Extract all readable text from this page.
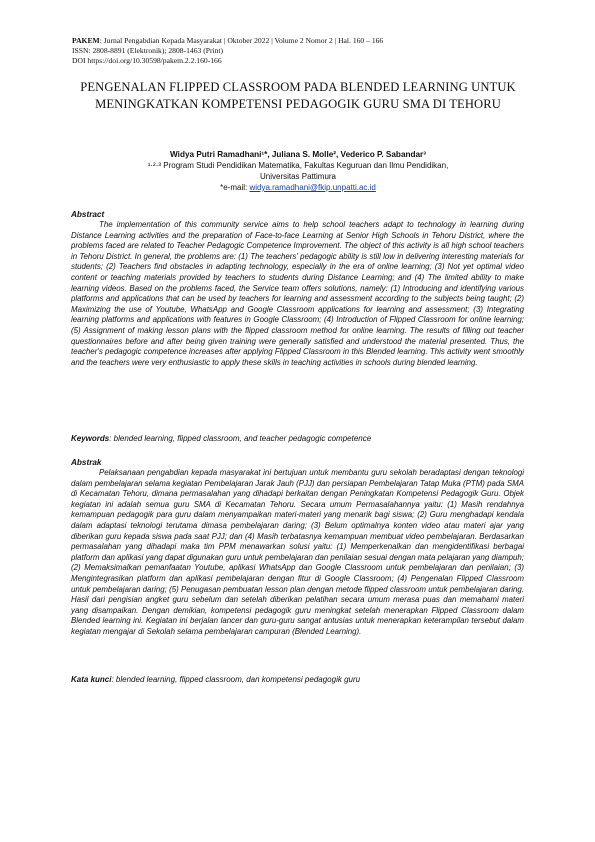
PAKEM: Jurnal Pengabdian Kepada Masyarakat | Oktober 2022 | Volume 2 Nomor 2 | Hal. 160 – 166
ISSN: 2808-8891 (Elektronik); 2808-1463 (Print)
DOI https://doi.org/10.30598/pakem.2.2.160-166
PENGENALAN FLIPPED CLASSROOM PADA BLENDED LEARNING UNTUK MENINGKATKAN KOMPETENSI PEDAGOGIK GURU SMA DI TEHORU
Widya Putri Ramadhani¹*, Juliana S. Molle², Vederico P. Sabandar³
¹·²·³ Program Studi Pendidikan Matematika, Fakultas Keguruan dan Ilmu Pendidikan,
Universitas Pattimura
*e-mail: widya.ramadhani@fkip.unpatti.ac.id
Abstract

The implementation of this community service aims to help school teachers adapt to technology in learning during Distance Learning activities and the preparation of Face-to-face Learning at Senior High Schools in Tehoru District, where the problems faced are related to Teacher Pedagogic Competence Improvement. The object of this activity is all high school teachers in Tehoru District. In general, the problems are: (1) The teachers' pedagogic ability is still low in delivering interesting materials for students; (2) Teachers find obstacles in adapting technology, especially in the era of online learning; (3) Not yet optimal video content or teaching materials provided by teachers to students during Distance Learning; and (4) The limited ability to make learning videos. Based on the problems faced, the Service team offers solutions, namely: (1) Introducing and identifying various platforms and applications that can be used by teachers for learning and assessment according to the subjects being taught; (2) Maximizing the use of Youtube, WhatsApp and Google Classroom applications for learning and assessment; (3) Integrating learning platforms and applications with features in Google Classroom; (4) Introduction of Flipped Classroom for online learning; (5) Assignment of making lesson plans with the flipped classroom method for online learning. The results of filling out teacher questionnaires before and after being given training were generally satisfied and understood the material presented. Thus, the teacher's pedagogic competence increases after applying Flipped Classroom in this Blended learning. This activity went smoothly and the teachers were very enthusiastic to apply these skills in teaching activities in schools during blended learning.

Keywords: blended learning, flipped classroom, and teacher pedagogic competence
Abstrak

Pelaksanaan pengabdian kepada masyarakat ini bertujuan untuk membantu guru sekolah beradaptasi dengan teknologi dalam pembelajaran selama kegiatan Pembelajaran Jarak Jauh (PJJ) dan persiapan Pembelajaran Tatap Muka (PTM) pada SMA di Kecamatan Tehoru, dimana permasalahan yang dihadapi berkaitan dengan Peningkatan Kompetensi Pedagogik Guru. Objek kegiatan ini adalah semua guru SMA di Kecamatan Tehoru. Secara umum Permasalahannya yaitu: (1) Masih rendahnya kemampuan pedagogik para guru dalam menyampaikan materi-materi yang menarik bagi siswa; (2) Guru menghadapi kendala dalam adaptasi teknologi terutama dimasa pembelajaran daring; (3) Belum optimalnya konten video atau materi ajar yang diberikan guru kepada siswa pada saat PJJ; dan (4) Masih terbatasnya kemampuan membuat video pembelajaran. Berdasarkan permasalahan yang dihadapi maka tim PPM menawarkan solusi yaitu: (1) Memperkenalkan dan mengidentifikasi berbagai platform dan aplikasi yang dapat digunakan guru untuk pembelajaran dan penilaian sesuai dengan mata pelajaran yang diampuh; (2) Memaksimalkan pemanfaatan Youtube, aplikasi WhatsApp dan Google Classroom untuk pembelajaran dan penilaian; (3) Mengintegrasikan platform dan aplikasi pembelajaran dengan fitur di Google Classroom; (4) Pengenalan Flipped Classroom untuk pembelajaran daring; (5) Penugasan pembuatan lesson plan dengan metode flipped classroom untuk pembelajaran daring. Hasil dari pengisian angket guru sebelum dan setelah diberikan pelatihan secara umum merasa puas dan memahami materi yang disampaikan. Dengan demikian, kompetensi pedagogik guru meningkat setelah menerapkan Flipped Classroom dalam Blended learning ini. Kegiatan ini berjalan lancer dan guru-guru sangat antusias untuk menerapkan keterampilan tersebut dalam kegiatan mengajar di Sekolah selama pembelajaran campuran (Blended Learning).

Kata kunci: blended learning, flipped classroom, dan kompetensi pedagogik guru
